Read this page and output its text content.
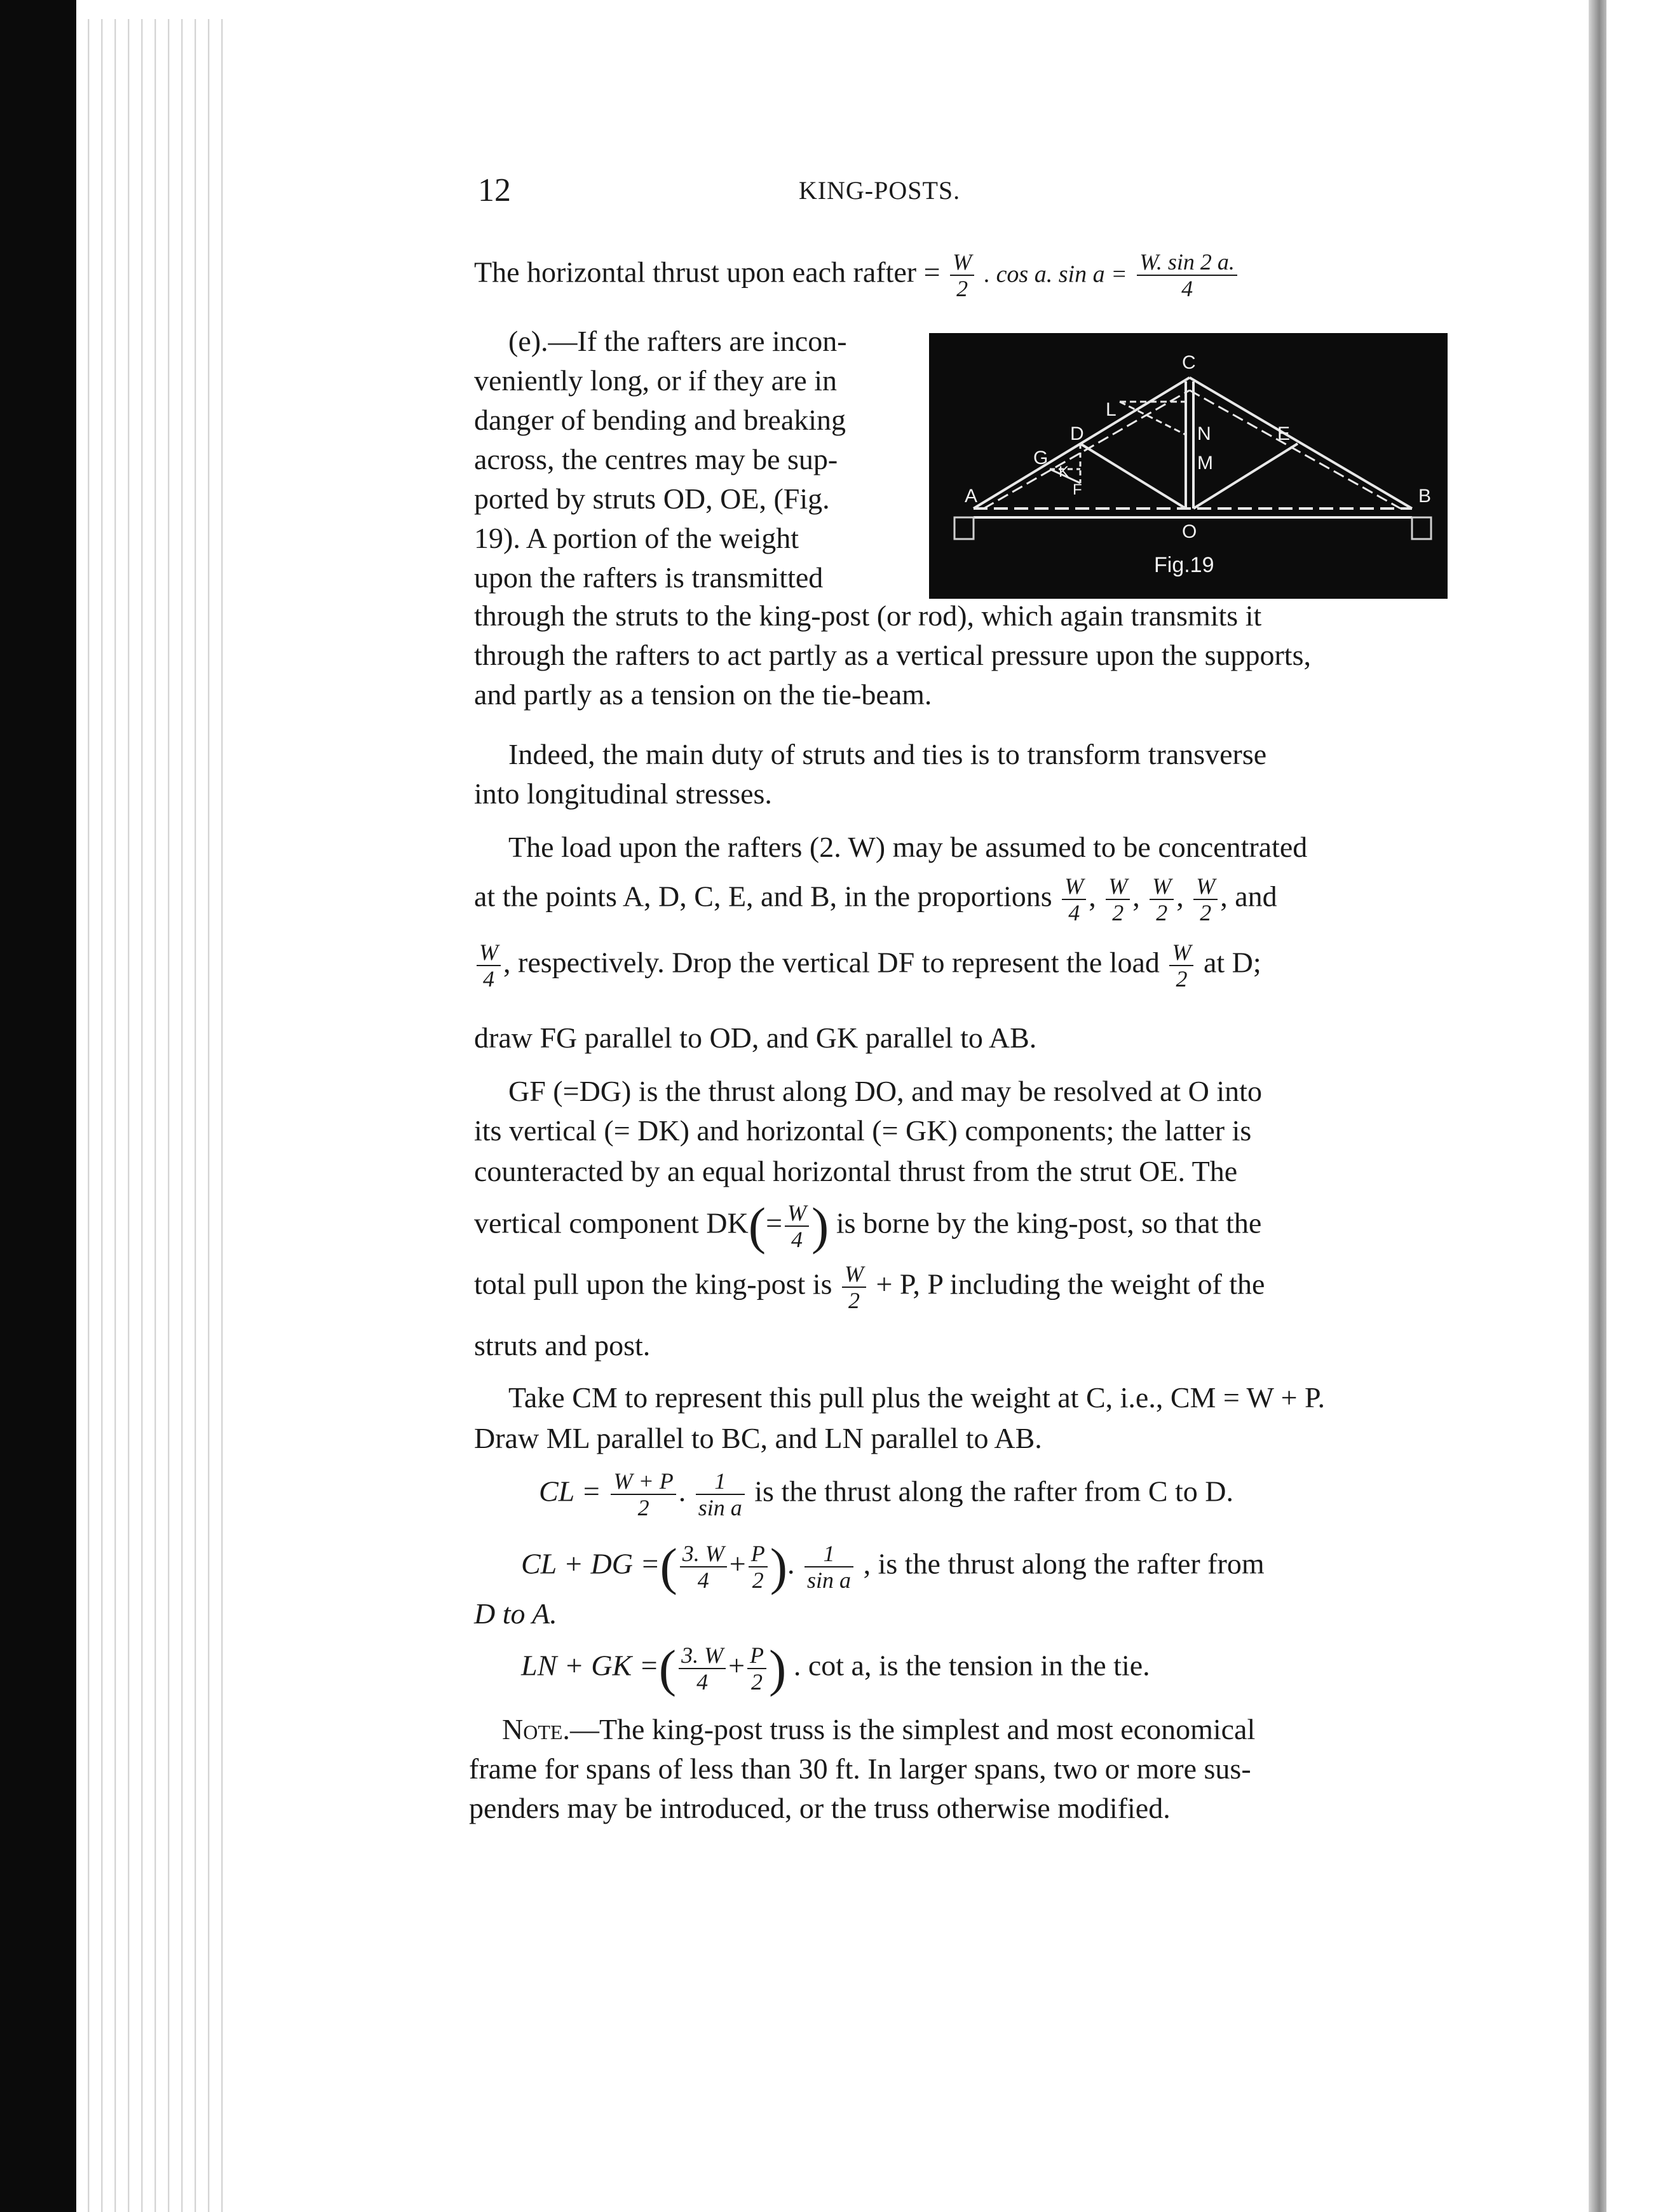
12	KING-POSTS.
The horizontal thrust upon each rafter = $\frac{W}{2}$ . cos a. $\sin a = \frac{W. \sin 2 a.}{4}$
(e).—If the rafters are incon-
veniently long, or if they are in
danger of bending and breaking
across, the centres may be sup-
ported by struts OD, OE, (Fig.
19). A portion of the weight
upon the rafters is transmitted
C
L
D	N	E
G	M
K
F
A
O
B
Fig.19
through the struts to the king-post (or rod), which again transmits it
through the rafters to act partly as a vertical pressure upon the supports,
and partly as a tension on the tie-beam.
Indeed, the main duty of struts and ties is to transform transverse
into longitudinal stresses.
The load upon the rafters (2. W) may be assumed to be concentrated
at the points A, D, C, E, and B, in the proportions $\frac{W}{4}$ , $\frac{W}{2}$ , $\frac{W}{2}$ , $\frac{W}{2}$ , and
$\frac{W}{4}$ , respectively. Drop the vertical DF to represent the load $\frac{W}{2}$ at D;
draw FG parallel to OD, and GK parallel to AB.
GF (=DG) is the thrust along DO, and may be resolved at O into
its vertical (= DK) and horizontal (= GK) components; the latter is
counteracted by an equal horizontal thrust from the strut OE. The
vertical component $DK(= \frac{W}{4}$ ) is borne by the king-post, so that the
total pull upon the king-post is $\frac{W}{2} + P$, P including the weight of the
struts and post.
Take CM to represent this pull plus the weight at C, i.e., CM = W + P.
Draw ML parallel to BC, and LN parallel to AB.
CL = $\frac{W + P}{2}$ . $\frac{1}{\text{sin a}}$ is the thrust along the rafter from C to D.
CL + DG =( $\frac{3. W}{4} + \frac{P}{2}$ ). $\frac{1}{\text{sin a}}$ , is the thrust along the rafter from
D to A.
LN + GK =( $\frac{3. W}{4} + \frac{P}{2}$ ) . cot a, is the tension in the tie.
Note.—The king-post truss is the simplest and most economical
frame for spans of less than 30 ft. In larger spans, two or more sus-
penders may be introduced, or the truss otherwise modified.
